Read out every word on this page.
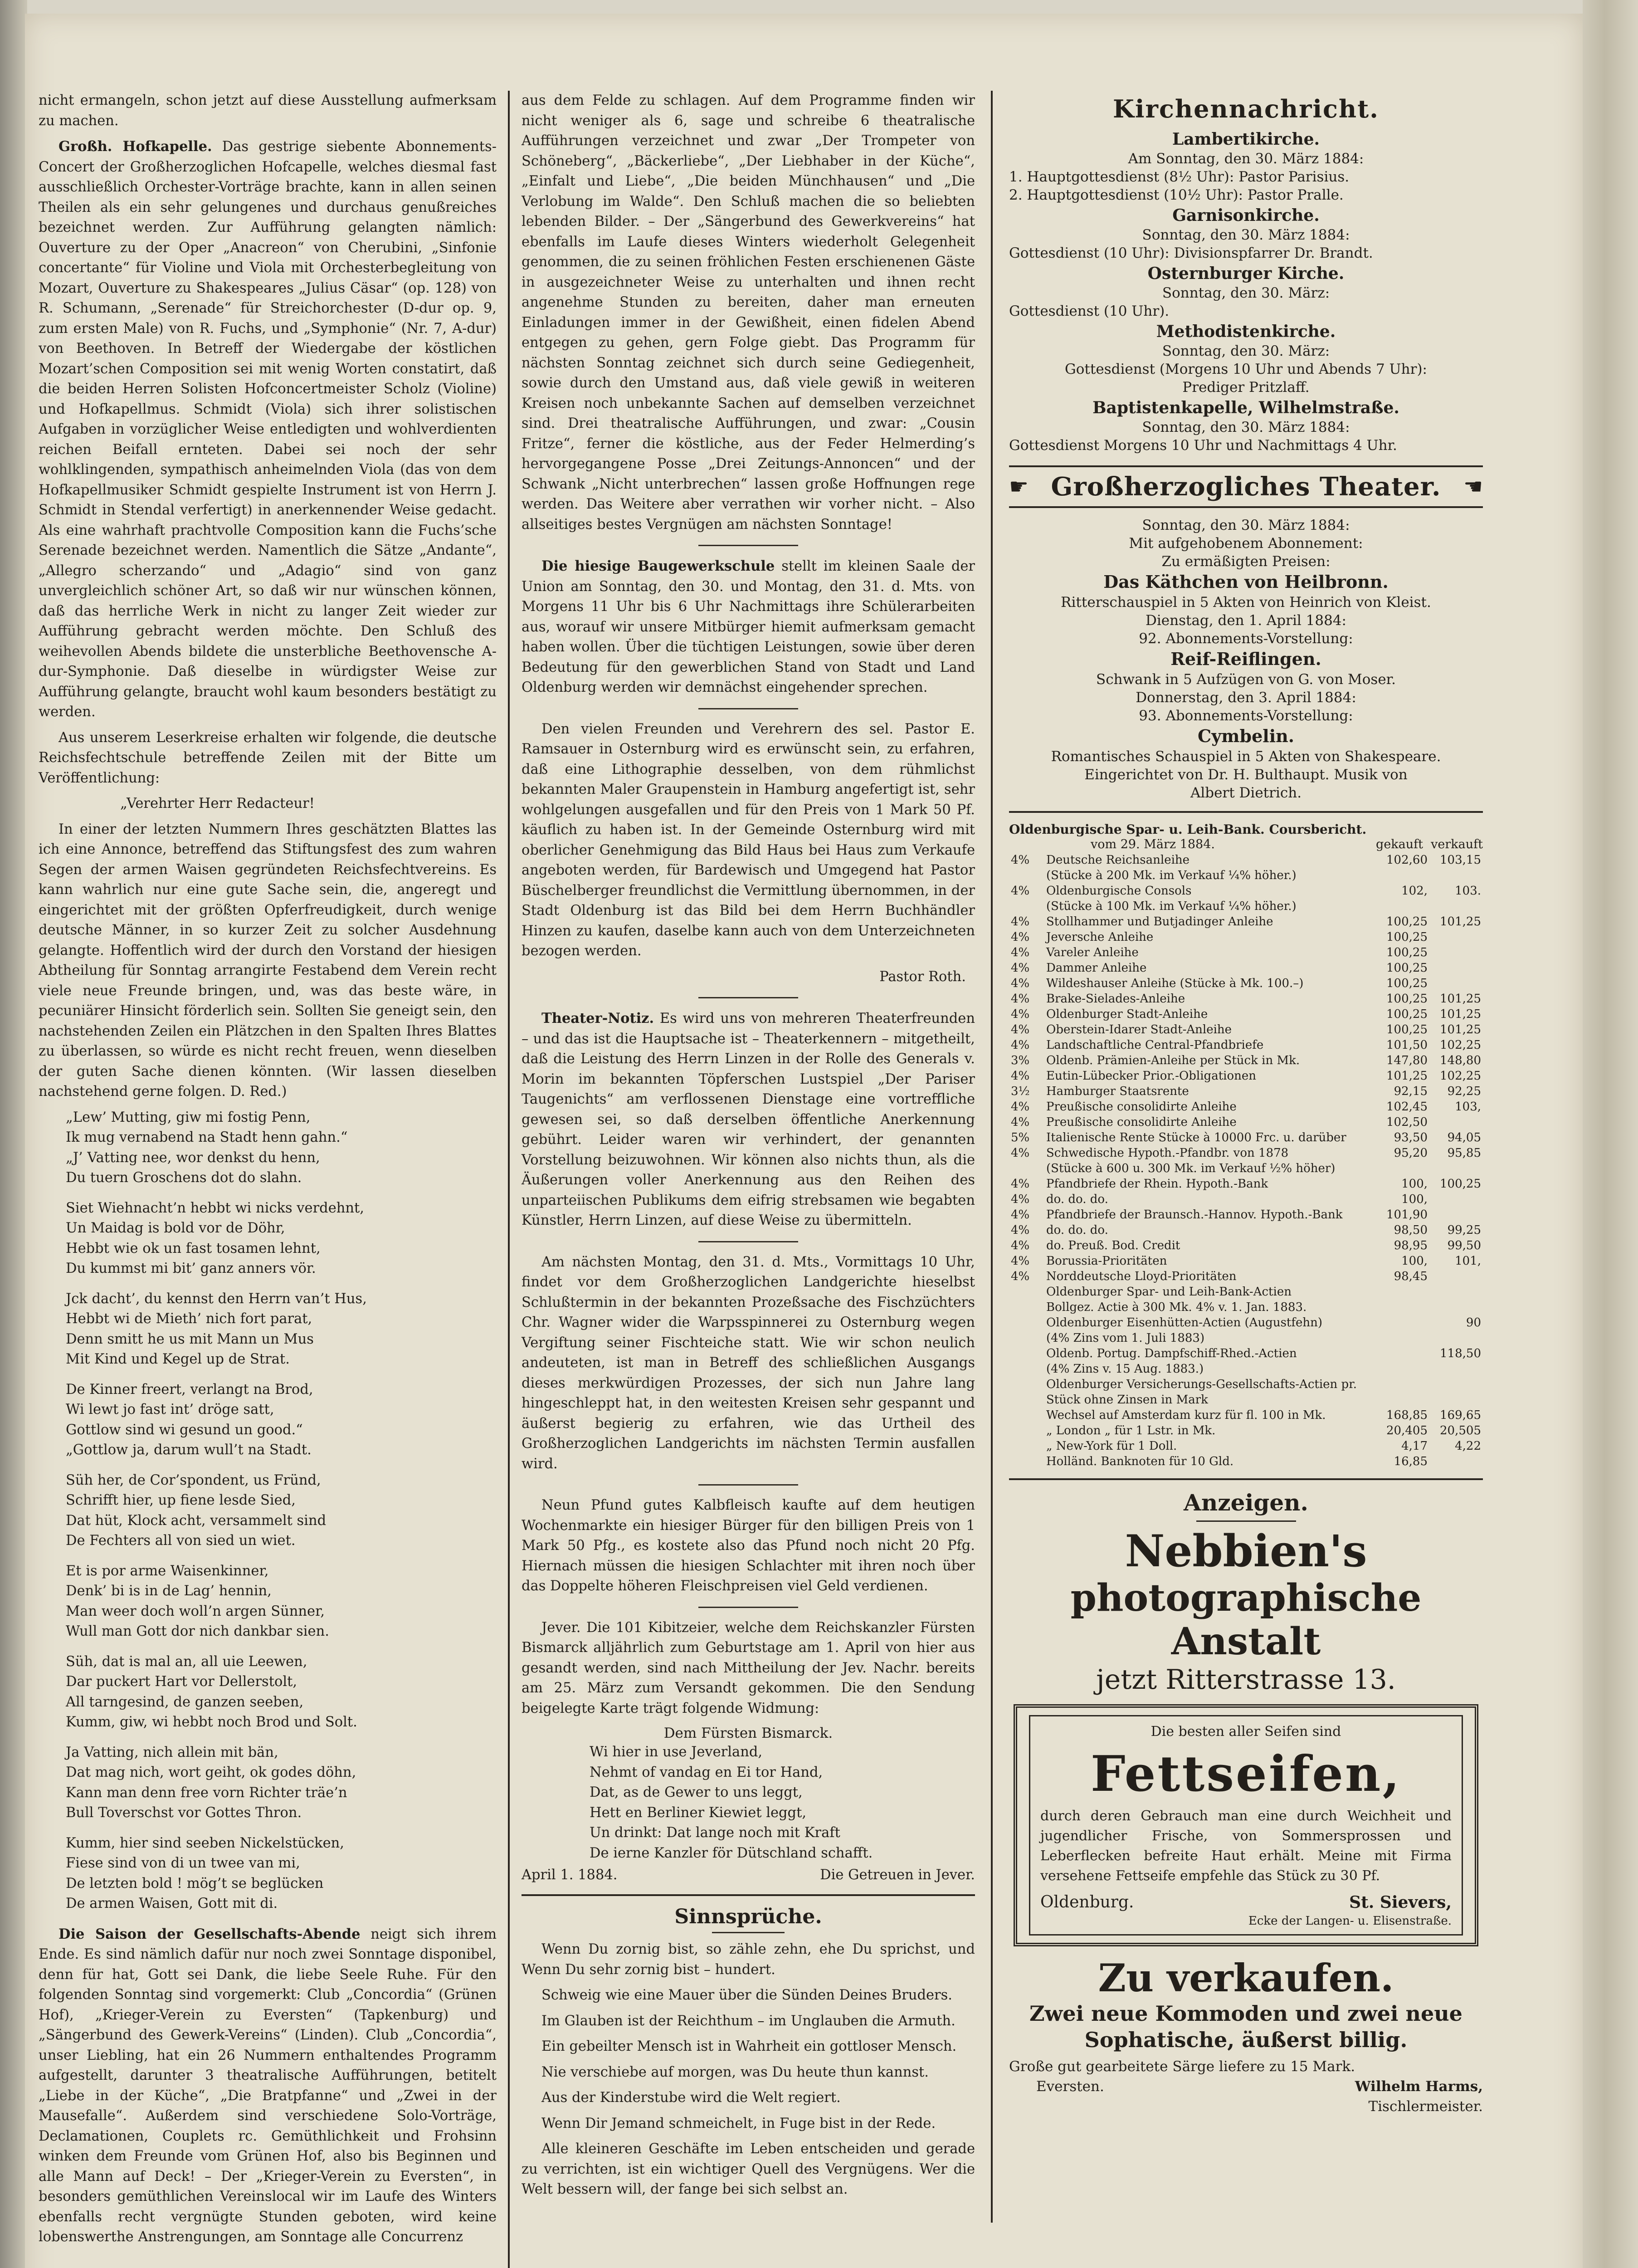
nicht ermangeln, schon jetzt auf diese Ausstellung aufmerksam zu machen.

Großh. Hofkapelle. Das gestrige siebente Abonnements-Concert der Großherzoglichen Hofcapelle, welches diesmal fast ausschließlich Orchester-Vorträge brachte, kann in allen seinen Theilen als ein sehr gelungenes und durchaus genußreiches bezeichnet werden. Zur Aufführung gelangten nämlich: Ouverture zu der Oper „Anacreon“ von Cherubini, „Sinfonie concertante“ für Violine und Viola mit Orchesterbegleitung von Mozart, Ouverture zu Shakespeares „Julius Cäsar“ (op. 128) von R. Schumann, „Serenade“ für Streichorchester (D-dur op. 9, zum ersten Male) von R. Fuchs, und „Symphonie“ (Nr. 7, A-dur) von Beethoven. In Betreff der Wiedergabe der köstlichen Mozart’schen Composition sei mit wenig Worten constatirt, daß die beiden Herren Solisten Hofconcertmeister Scholz (Violine) und Hofkapellmus. Schmidt (Viola) sich ihrer solistischen Aufgaben in vorzüglicher Weise entledigten und wohlverdienten reichen Beifall ernteten. Dabei sei noch der sehr wohlklingenden, sympathisch anheimelnden Viola (das von dem Hofkapellmusiker Schmidt gespielte Instrument ist von Herrn J. Schmidt in Stendal verfertigt) in anerkennender Weise gedacht. Als eine wahrhaft prachtvolle Composition kann die Fuchs’sche Serenade bezeichnet werden. Namentlich die Sätze „Andante“, „Allegro scherzando“ und „Adagio“ sind von ganz unvergleichlich schöner Art, so daß wir nur wünschen können, daß das herrliche Werk in nicht zu langer Zeit wieder zur Aufführung gebracht werden möchte. Den Schluß des weihevollen Abends bildete die unsterbliche Beethovensche A-dur-Symphonie. Daß dieselbe in würdigster Weise zur Aufführung gelangte, braucht wohl kaum besonders bestätigt zu werden.

Aus unserem Leserkreise erhalten wir folgende, die deutsche Reichsfechtschule betreffende Zeilen mit der Bitte um Veröffentlichung:

„Verehrter Herr Redacteur!

In einer der letzten Nummern Ihres geschätzten Blattes las ich eine Annonce, betreffend das Stiftungsfest des zum wahren Segen der armen Waisen gegründeten Reichsfechtvereins. Es kann wahrlich nur eine gute Sache sein, die, angeregt und eingerichtet mit der größten Opferfreudigkeit, durch wenige deutsche Männer, in so kurzer Zeit zu solcher Ausdehnung gelangte. Hoffentlich wird der durch den Vorstand der hiesigen Abtheilung für Sonntag arrangirte Festabend dem Verein recht viele neue Freunde bringen, und, was das beste wäre, in pecuniärer Hinsicht förderlich sein. Sollten Sie geneigt sein, den nachstehenden Zeilen ein Plätzchen in den Spalten Ihres Blattes zu überlassen, so würde es nicht recht freuen, wenn dieselben der guten Sache dienen könnten. (Wir lassen dieselben nachstehend gerne folgen. D. Red.)

„Lew’ Mutting, giw mi fostig Penn,
Ik mug vernabend na Stadt henn gahn.“
„J’ Vatting nee, wor denkst du henn,
Du tuern Groschens dot do slahn.
Siet Wiehnacht’n hebbt wi nicks verdehnt,
Un Maidag is bold vor de Döhr,
Hebbt wie ok un fast tosamen lehnt,
Du kummst mi bit’ ganz anners vör.
Jck dacht’, du kennst den Herrn van’t Hus,
Hebbt wi de Mieth’ nich fort parat,
Denn smitt he us mit Mann un Mus
Mit Kind und Kegel up de Strat.
De Kinner freert, verlangt na Brod,
Wi lewt jo fast int’ dröge satt,
Gottlow sind wi gesund un good.“
„Gottlow ja, darum wull’t na Stadt.
Süh her, de Cor’spondent, us Fründ,
Schrifft hier, up fiene lesde Sied,
Dat hüt, Klock acht, versammelt sind
De Fechters all von sied un wiet.
Et is por arme Waisenkinner,
Denk’ bi is in de Lag’ hennin,
Man weer doch woll’n argen Sünner,
Wull man Gott dor nich dankbar sien.
Süh, dat is mal an, all uie Leewen,
Dar puckert Hart vor Dellerstolt,
All tarngesind, de ganzen seeben,
Kumm, giw, wi hebbt noch Brod und Solt.
Ja Vatting, nich allein mit bän,
Dat mag nich, wort geiht, ok godes döhn,
Kann man denn free vorn Richter träe’n
Bull Toverschst vor Gottes Thron.
Kumm, hier sind seeben Nickelstücken,
Fiese sind von di un twee van mi,
De letzten bold ! mög’t se beglücken
De armen Waisen, Gott mit di.

Die Saison der Gesellschafts-Abende neigt sich ihrem Ende. Es sind nämlich dafür nur noch zwei Sonntage disponibel, denn für hat, Gott sei Dank, die liebe Seele Ruhe. Für den folgenden Sonntag sind vorgemerkt: Club „Concordia“ (Grünen Hof), „Krieger-Verein zu Eversten“ (Tapkenburg) und „Sängerbund des Gewerk-Vereins“ (Linden). Club „Concordia“, unser Liebling, hat ein 26 Nummern enthaltendes Programm aufgestellt, darunter 3 theatralische Aufführungen, betitelt „Liebe in der Küche“, „Die Bratpfanne“ und „Zwei in der Mausefalle“. Außerdem sind verschiedene Solo-Vorträge, Declamationen, Couplets rc. Gemüthlichkeit und Frohsinn winken dem Freunde vom Grünen Hof, also bis Beginnen und alle Mann auf Deck! – Der „Krieger-Verein zu Eversten“, in besonders gemüthlichen Vereinslocal wir im Laufe des Winters ebenfalls recht vergnügte Stunden geboten, wird keine lobenswerthe Anstrengungen, am Sonntage alle Concurrenz

aus dem Felde zu schlagen. Auf dem Programme finden wir nicht weniger als 6, sage und schreibe 6 theatralische Aufführungen verzeichnet und zwar „Der Trompeter von Schöneberg“, „Bäckerliebe“, „Der Liebhaber in der Küche“, „Einfalt und Liebe“, „Die beiden Münchhausen“ und „Die Verlobung im Walde“. Den Schluß machen die so beliebten lebenden Bilder. – Der „Sängerbund des Gewerkvereins“ hat ebenfalls im Laufe dieses Winters wiederholt Gelegenheit genommen, die zu seinen fröhlichen Festen erschienenen Gäste in ausgezeichneter Weise zu unterhalten und ihnen recht angenehme Stunden zu bereiten, daher man erneuten Einladungen immer in der Gewißheit, einen fidelen Abend entgegen zu gehen, gern Folge giebt. Das Programm für nächsten Sonntag zeichnet sich durch seine Gediegenheit, sowie durch den Umstand aus, daß viele gewiß in weiteren Kreisen noch unbekannte Sachen auf demselben verzeichnet sind. Drei theatralische Aufführungen, und zwar: „Cousin Fritze“, ferner die köstliche, aus der Feder Helmerding’s hervorgegangene Posse „Drei Zeitungs-Annoncen“ und der Schwank „Nicht unterbrechen“ lassen große Hoffnungen rege werden. Das Weitere aber verrathen wir vorher nicht. – Also allseitiges bestes Vergnügen am nächsten Sonntage!

Die hiesige Baugewerkschule stellt im kleinen Saale der Union am Sonntag, den 30. und Montag, den 31. d. Mts. von Morgens 11 Uhr bis 6 Uhr Nachmittags ihre Schülerarbeiten aus, worauf wir unsere Mitbürger hiemit aufmerksam gemacht haben wollen. Über die tüchtigen Leistungen, sowie über deren Bedeutung für den gewerblichen Stand von Stadt und Land Oldenburg werden wir demnächst eingehender sprechen.

Den vielen Freunden und Verehrern des sel. Pastor E. Ramsauer in Osternburg wird es erwünscht sein, zu erfahren, daß eine Lithographie desselben, von dem rühmlichst bekannten Maler Graupenstein in Hamburg angefertigt ist, sehr wohlgelungen ausgefallen und für den Preis von 1 Mark 50 Pf. käuflich zu haben ist. In der Gemeinde Osternburg wird mit oberlicher Genehmigung das Bild Haus bei Haus zum Verkaufe angeboten werden, für Bardewisch und Umgegend hat Pastor Büschelberger freundlichst die Vermittlung übernommen, in der Stadt Oldenburg ist das Bild bei dem Herrn Buchhändler Hinzen zu kaufen, daselbe kann auch von dem Unterzeichneten bezogen werden.

Pastor Roth.

Theater-Notiz. Es wird uns von mehreren Theaterfreunden – und das ist die Hauptsache ist – Theaterkennern – mitgetheilt, daß die Leistung des Herrn Linzen in der Rolle des Generals v. Morin im bekannten Töpferschen Lustspiel „Der Pariser Taugenichts“ am verflossenen Dienstage eine vortreffliche gewesen sei, so daß derselben öffentliche Anerkennung gebührt. Leider waren wir verhindert, der genannten Vorstellung beizuwohnen. Wir können also nichts thun, als die Äußerungen voller Anerkennung aus den Reihen des unparteiischen Publikums dem eifrig strebsamen wie begabten Künstler, Herrn Linzen, auf diese Weise zu übermitteln.

Am nächsten Montag, den 31. d. Mts., Vormittags 10 Uhr, findet vor dem Großherzoglichen Landgerichte hieselbst Schlußtermin in der bekannten Prozeßsache des Fischzüchters Chr. Wagner wider die Warpsspinnerei zu Osternburg wegen Vergiftung seiner Fischteiche statt. Wie wir schon neulich andeuteten, ist man in Betreff des schließlichen Ausgangs dieses merkwürdigen Prozesses, der sich nun Jahre lang hingeschleppt hat, in den weitesten Kreisen sehr gespannt und äußerst begierig zu erfahren, wie das Urtheil des Großherzoglichen Landgerichts im nächsten Termin ausfallen wird.

Neun Pfund gutes Kalbfleisch kaufte auf dem heutigen Wochenmarkte ein hiesiger Bürger für den billigen Preis von 1 Mark 50 Pfg., es kostete also das Pfund noch nicht 20 Pfg. Hiernach müssen die hiesigen Schlachter mit ihren noch über das Doppelte höheren Fleischpreisen viel Geld verdienen.

Jever. Die 101 Kibitzeier, welche dem Reichskanzler Fürsten Bismarck alljährlich zum Geburtstage am 1. April von hier aus gesandt werden, sind nach Mittheilung der Jev. Nachr. bereits am 25. März zum Versandt gekommen. Die den Sendung beigelegte Karte trägt folgende Widmung:

Dem Fürsten Bismarck.
Wi hier in use Jeverland,
Nehmt of vandag en Ei tor Hand,
Dat, as de Gewer to uns leggt,
Hett en Berliner Kiewiet leggt,
Un drinkt: Dat lange noch mit Kraft
De ierne Kanzler för Dütschland schafft.
April 1. 1884.	Die Getreuen in Jever.
Sinnsprüche.

Wenn Du zornig bist, so zähle zehn, ehe Du sprichst, und Wenn Du sehr zornig bist – hundert.

Schweig wie eine Mauer über die Sünden Deines Bruders.

Im Glauben ist der Reichthum – im Unglauben die Armuth.

Ein gebeilter Mensch ist in Wahrheit ein gottloser Mensch.

Nie verschiebe auf morgen, was Du heute thun kannst.

Aus der Kinderstube wird die Welt regiert.

Wenn Dir Jemand schmeichelt, in Fuge bist in der Rede.

Alle kleineren Geschäfte im Leben entscheiden und gerade zu verrichten, ist ein wichtiger Quell des Vergnügens. Wer die Welt bessern will, der fange bei sich selbst an.

Kirchennachricht.
Lambertikirche.
Am Sonntag, den 30. März 1884:
1. Hauptgottesdienst (8½ Uhr): Pastor Parisius.
2. Hauptgottesdienst (10½ Uhr): Pastor Pralle.
Garnisonkirche.
Sonntag, den 30. März 1884:
Gottesdienst (10 Uhr): Divisionspfarrer Dr. Brandt.
Osternburger Kirche.
Sonntag, den 30. März:
Gottesdienst (10 Uhr).
Methodistenkirche.
Sonntag, den 30. März:
Gottesdienst (Morgens 10 Uhr und Abends 7 Uhr):
Prediger Pritzlaff.
Baptistenkapelle, Wilhelmstraße.
Sonntag, den 30. März 1884:
Gottesdienst Morgens 10 Uhr und Nachmittags 4 Uhr.
☛ Großherzogliches Theater. ☚
Sonntag, den 30. März 1884:
Mit aufgehobenem Abonnement:
Zu ermäßigten Preisen:
Das Käthchen von Heilbronn.
Ritterschauspiel in 5 Akten von Heinrich von Kleist.
Dienstag, den 1. April 1884:
92. Abonnements-Vorstellung:
Reif-Reiflingen.
Schwank in 5 Aufzügen von G. von Moser.
Donnerstag, den 3. April 1884:
93. Abonnements-Vorstellung:
Cymbelin.
Romantisches Schauspiel in 5 Akten von Shakespeare.
Eingerichtet von Dr. H. Bulthaupt. Musik von
Albert Dietrich.
Oldenburgische Spar- u. Leih-Bank. Coursbericht.
vom 29. März 1884.	gekauft verkauft
4%	Deutsche Reichsanleihe	102,60	103,15
	(Stücke à 200 Mk. im Verkauf ¼% höher.)		
4%	Oldenburgische Consols	102,	103.
	(Stücke à 100 Mk. im Verkauf ¼% höher.)		
4%	Stollhammer und Butjadinger Anleihe	100,25	101,25
4%	Jeversche Anleihe	100,25	
4%	Vareler Anleihe	100,25	
4%	Dammer Anleihe	100,25	
4%	Wildeshauser Anleihe (Stücke à Mk. 100.–)	100,25	
4%	Brake-Sielades-Anleihe	100,25	101,25
4%	Oldenburger Stadt-Anleihe	100,25	101,25
4%	Oberstein-Idarer Stadt-Anleihe	100,25	101,25
4%	Landschaftliche Central-Pfandbriefe	101,50	102,25
3%	Oldenb. Prämien-Anleihe per Stück in Mk.	147,80	148,80
4%	Eutin-Lübecker Prior.-Obligationen	101,25	102,25
3½	Hamburger Staatsrente	92,15	92,25
4%	Preußische consolidirte Anleihe	102,45	103,
4%	Preußische consolidirte Anleihe	102,50	
5%	Italienische Rente Stücke à 10000 Frc. u. darüber	93,50	94,05
4%	Schwedische Hypoth.-Pfandbr. von 1878	95,20	95,85
	(Stücke à 600 u. 300 Mk. im Verkauf ½% höher)		
4%	Pfandbriefe der Rhein. Hypoth.-Bank	100,	100,25
4%	do. do. do.	100,	
4%	Pfandbriefe der Braunsch.-Hannov. Hypoth.-Bank	101,90	
4%	do. do. do.	98,50	99,25
4%	do. Preuß. Bod. Credit	98,95	99,50
4%	Borussia-Prioritäten	100,	101,
4%	Norddeutsche Lloyd-Prioritäten	98,45	
	Oldenburger Spar- und Leih-Bank-Actien		
	Bollgez. Actie à 300 Mk. 4% v. 1. Jan. 1883.		
	Oldenburger Eisenhütten-Actien (Augustfehn)		90
	(4% Zins vom 1. Juli 1883)		
	Oldenb. Portug. Dampfschiff-Rhed.-Actien		118,50
	(4% Zins v. 15 Aug. 1883.)		
	Oldenburger Versicherungs-Gesellschafts-Actien pr.		
	Stück ohne Zinsen in Mark		
	Wechsel auf Amsterdam kurz für fl. 100 in Mk.	168,85	169,65
	„ London „ für 1 Lstr. in Mk.	20,405	20,505
	„ New-York für 1 Doll.	4,17	4,22
	Holländ. Banknoten für 10 Gld.	16,85	
Anzeigen.
Nebbien's
photographische Anstalt
jetzt Ritterstrasse 13.
Die besten aller Seifen sind
Fettseifen,

durch deren Gebrauch man eine durch Weichheit und jugendlicher Frische, von Sommersprossen und Leberflecken befreite Haut erhält. Meine mit Firma versehene Fettseife empfehle das Stück zu 30 Pf.

Oldenburg.	St. Sievers,
Ecke der Langen- u. Elisenstraße.
Zu verkaufen.
Zwei neue Kommoden und zwei neue Sophatische, äußerst billig.
Große gut gearbeitete Särge liefere zu 15 Mark.
Eversten.	Wilhelm Harms,
Tischlermeister.
